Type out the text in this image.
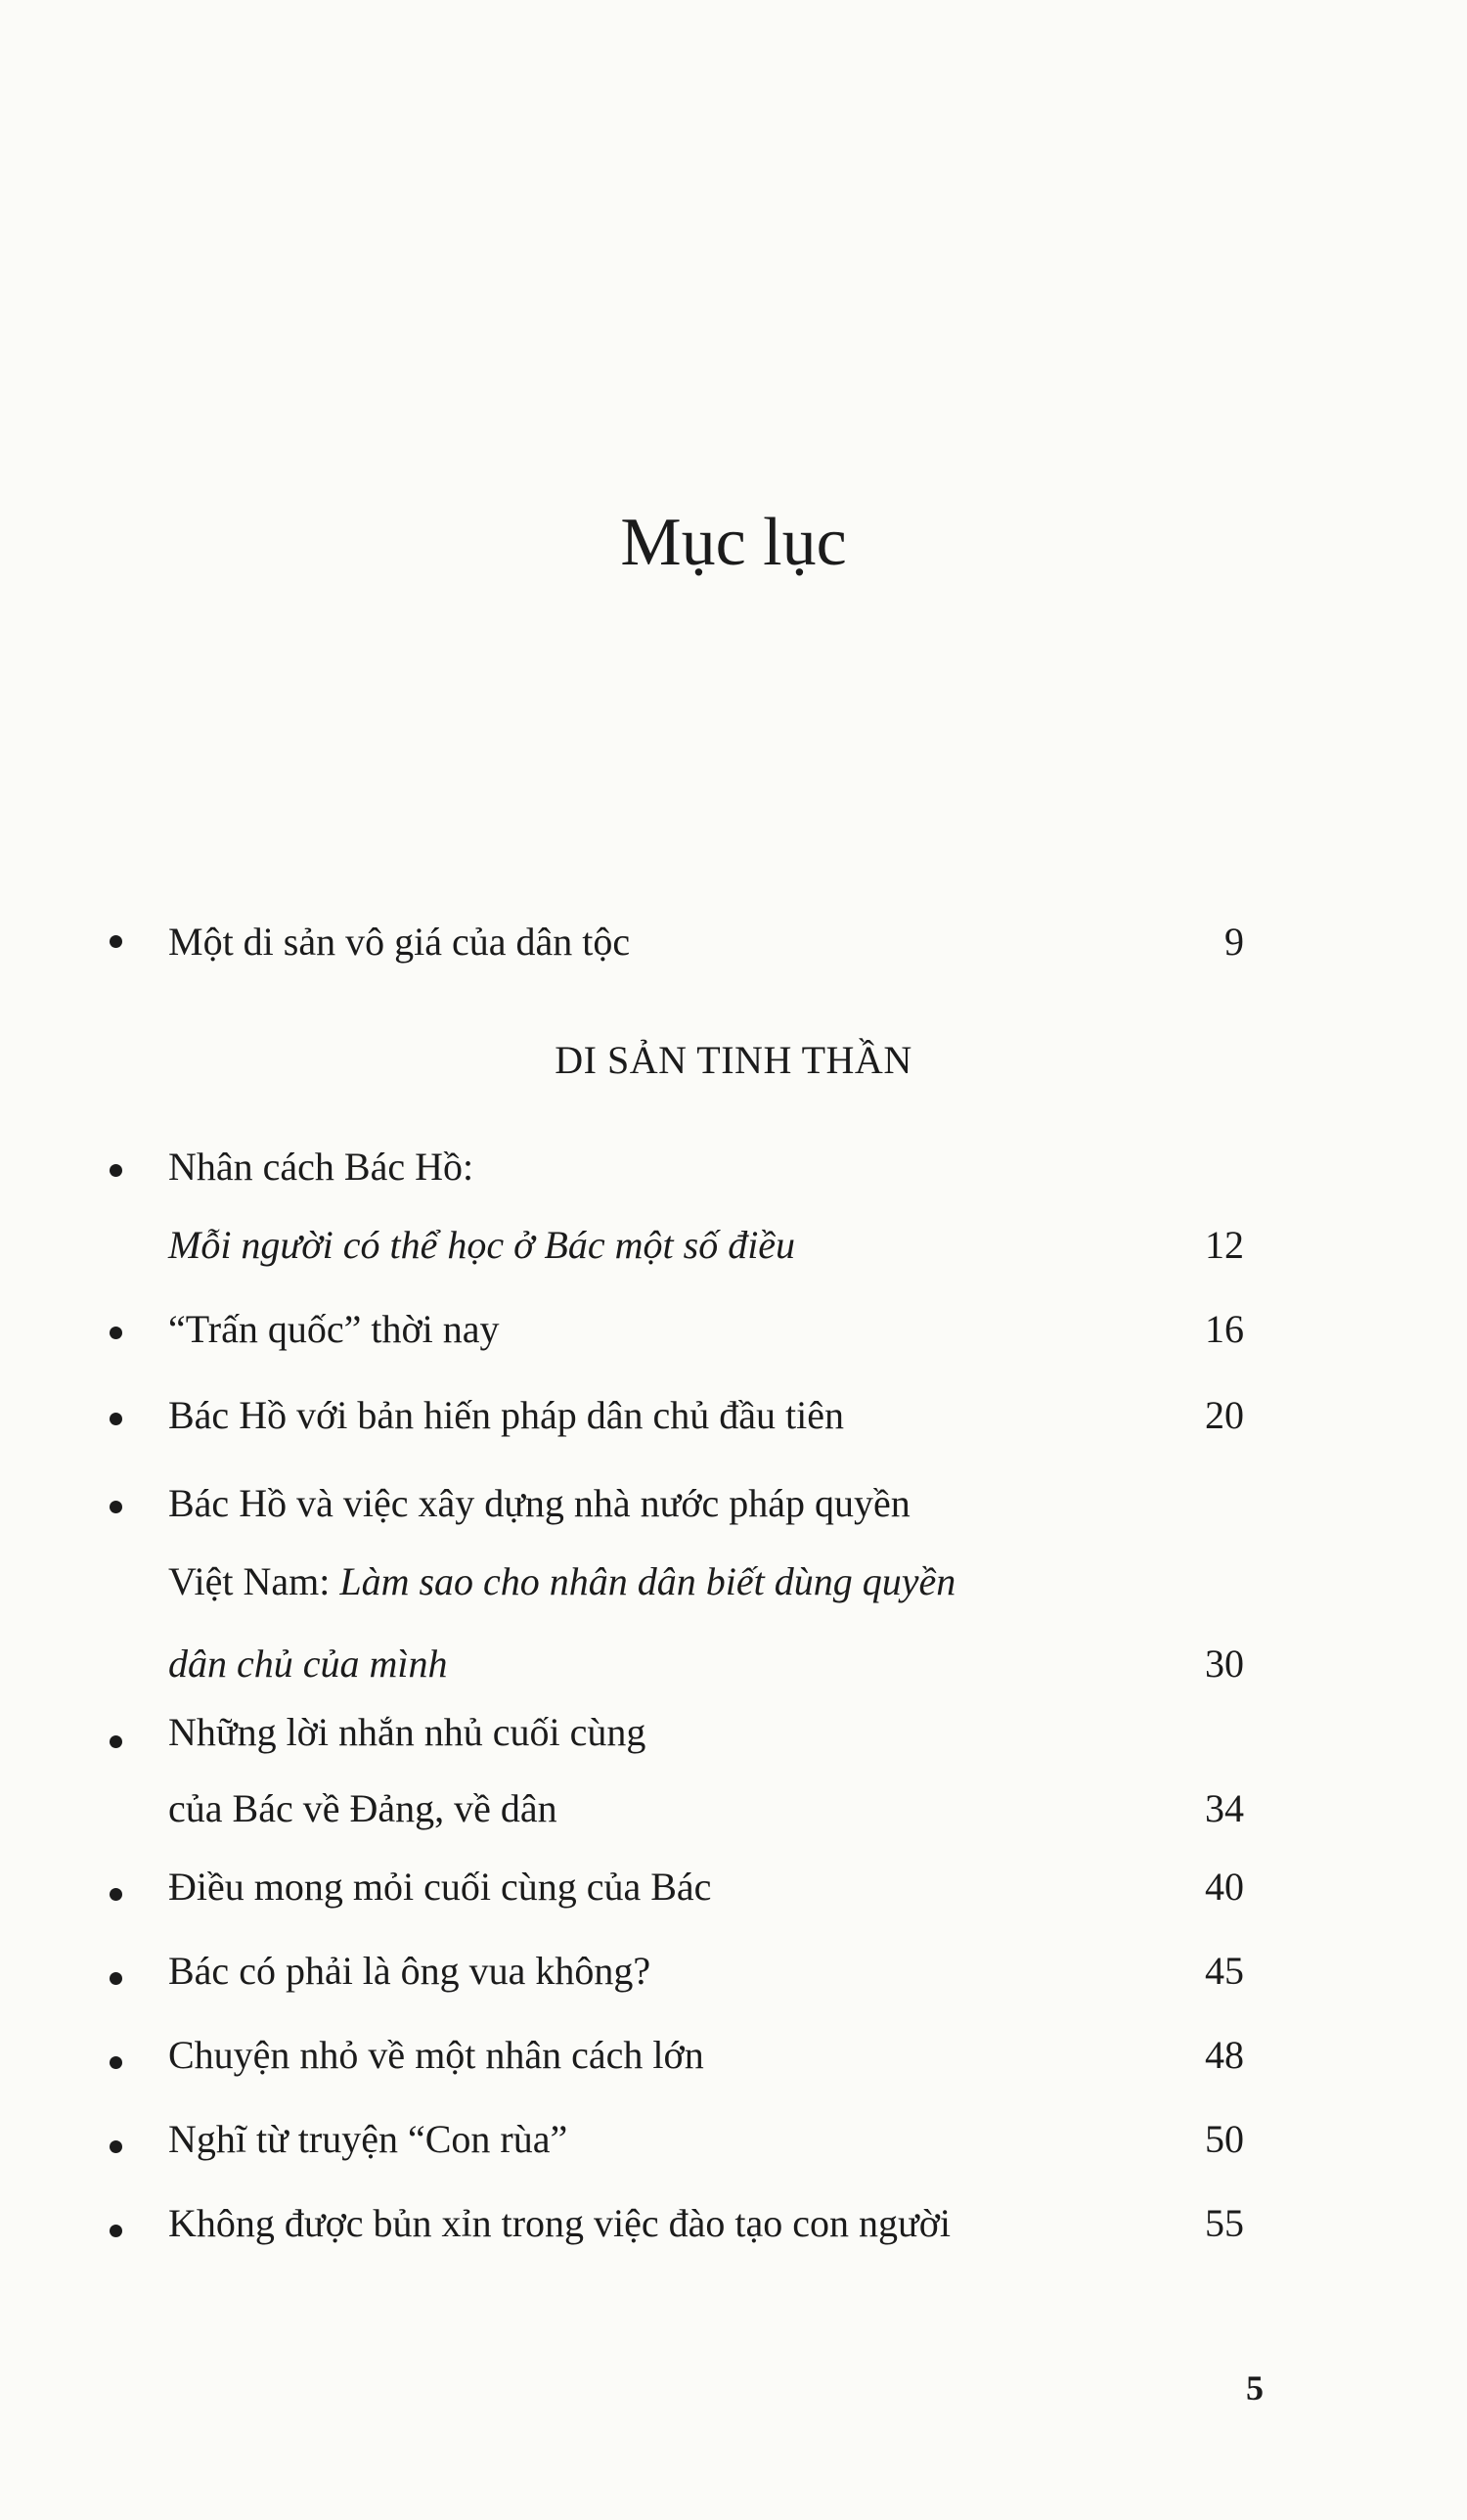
Mục lục
Một di sản vô giá của dân tộc	9
DI SẢN TINH THẦN
Nhân cách Bác Hồ:
Mỗi người có thể học ở Bác một số điều	12
“Trấn quốc” thời nay	16
Bác Hồ với bản hiến pháp dân chủ đầu tiên	20
Bác Hồ và việc xây dựng nhà nước pháp quyền
Việt Nam: Làm sao cho nhân dân biết dùng quyền
dân chủ của mình	30
Những lời nhắn nhủ cuối cùng
của Bác về Đảng, về dân	34
Điều mong mỏi cuối cùng của Bác	40
Bác có phải là ông vua không?	45
Chuyện nhỏ về một nhân cách lớn	48
Nghĩ từ truyện “Con rùa”	50
Không được bủn xỉn trong việc đào tạo con người	55
5
